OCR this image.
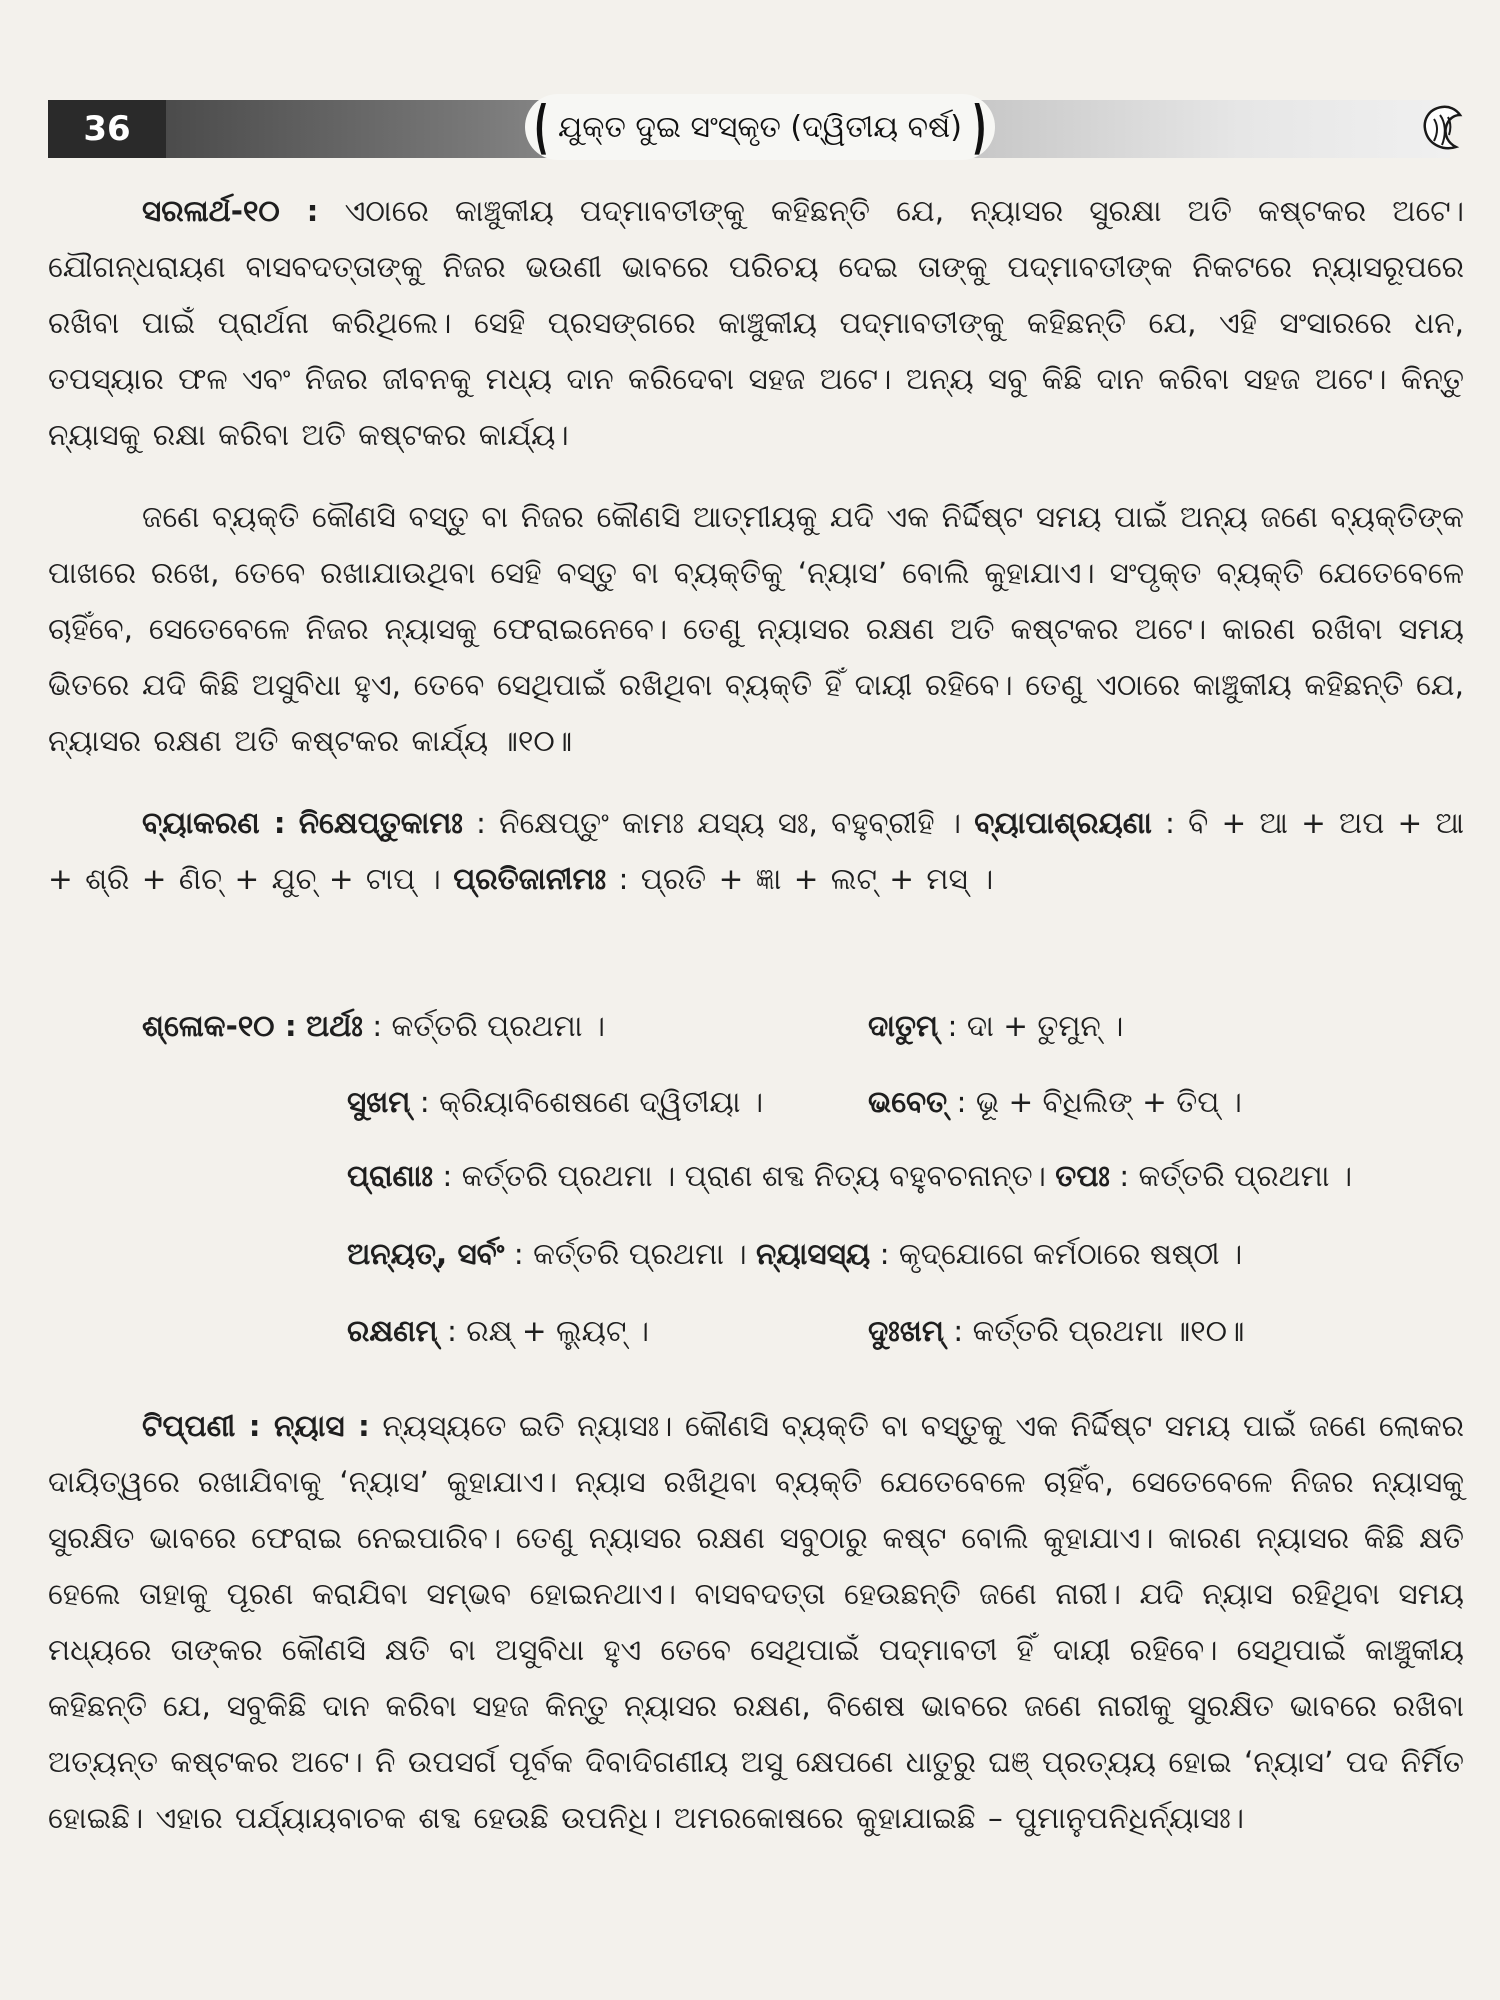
36	( ଯୁକ୍ତ ଦୁଇ ସଂସ୍କୃତ (ଦ୍ୱିତୀୟ ବର୍ଷ) )

ସରଳାର୍ଥ-୧୦ : ଏଠାରେ କାଞ୍ଚୁକୀୟ ପଦ୍ମାବତୀଙ୍କୁ କହିଛନ୍ତି ଯେ, ନ୍ୟାସର ସୁରକ୍ଷା ଅତି କଷ୍ଟକର ଅଟେ। ଯୌଗନ୍ଧରାୟଣ ବାସବଦତ୍ତାଙ୍କୁ ନିଜର ଭଉଣୀ ଭାବରେ ପରିଚୟ ଦେଇ ତାଙ୍କୁ ପଦ୍ମାବତୀଙ୍କ ନିକଟରେ ନ୍ୟାସରୂପରେ ରଖିବା ପାଇଁ ପ୍ରାର୍ଥନା କରିଥିଲେ। ସେହି ପ୍ରସଙ୍ଗରେ କାଞ୍ଚୁକୀୟ ପଦ୍ମାବତୀଙ୍କୁ କହିଛନ୍ତି ଯେ, ଏହି ସଂସାରରେ ଧନ, ତପସ୍ୟାର ଫଳ ଏବଂ ନିଜର ଜୀବନକୁ ମଧ୍ୟ ଦାନ କରିଦେବା ସହଜ ଅଟେ। ଅନ୍ୟ ସବୁ କିଛି ଦାନ କରିବା ସହଜ ଅଟେ। କିନ୍ତୁ ନ୍ୟାସକୁ ରକ୍ଷା କରିବା ଅତି କଷ୍ଟକର କାର୍ଯ୍ୟ।

ଜଣେ ବ୍ୟକ୍ତି କୌଣସି ବସ୍ତୁ ବା ନିଜର କୌଣସି ଆତ୍ମୀୟକୁ ଯଦି ଏକ ନିର୍ଦ୍ଦିଷ୍ଟ ସମୟ ପାଇଁ ଅନ୍ୟ ଜଣେ ବ୍ୟକ୍ତିଙ୍କ ପାଖରେ ରଖେ, ତେବେ ରଖାଯାଉଥିବା ସେହି ବସ୍ତୁ ବା ବ୍ୟକ୍ତିକୁ ‘ନ୍ୟାସ’ ବୋଲି କୁହାଯାଏ। ସଂପୃକ୍ତ ବ୍ୟକ୍ତି ଯେତେବେଳେ ଚାହିଁବେ, ସେତେବେଳେ ନିଜର ନ୍ୟାସକୁ ଫେରାଇନେବେ। ତେଣୁ ନ୍ୟାସର ରକ୍ଷଣ ଅତି କଷ୍ଟକର ଅଟେ। କାରଣ ରଖିବା ସମୟ ଭିତରେ ଯଦି କିଛି ଅସୁବିଧା ହୁଏ, ତେବେ ସେଥିପାଇଁ ରଖିଥିବା ବ୍ୟକ୍ତି ହିଁ ଦାୟୀ ରହିବେ। ତେଣୁ ଏଠାରେ କାଞ୍ଚୁକୀୟ କହିଛନ୍ତି ଯେ, ନ୍ୟାସର ରକ୍ଷଣ ଅତି କଷ୍ଟକର କାର୍ଯ୍ୟ ॥୧୦॥

ବ୍ୟାକରଣ : ନିକ୍ଷେପ୍ତୁକାମଃ : ନିକ୍ଷେପ୍ତୁଂ କାମଃ ଯସ୍ୟ ସଃ, ବହୁବ୍ରୀହି । ବ୍ୟାପାଶ୍ରୟଣା : ବି + ଆ + ଅପ + ଆ + ଶ୍ରି + ଣିଚ୍ + ଯୁଚ୍ + ଟାପ୍ । ପ୍ରତିଜାନୀମଃ : ପ୍ରତି + ଜ୍ଞା + ଲଟ୍ + ମସ୍ ।

ଶ୍ଳୋକ-୧୦ : ଅର୍ଥଃ : କର୍ତ୍ତରି ପ୍ରଥମା ।	ଦାତୁମ୍ : ଦା + ତୁମୁନ୍ ।
ସୁଖମ୍ : କ୍ରିୟାବିଶେଷଣେ ଦ୍ୱିତୀୟା ।	ଭବେତ୍ : ଭୂ + ବିଧିଲିଙ୍ + ତିପ୍ ।
ପ୍ରାଣାଃ : କର୍ତ୍ତରି ପ୍ରଥମା । ପ୍ରାଣ ଶବ୍ଦ ନିତ୍ୟ ବହୁବଚନାନ୍ତ। ତପଃ : କର୍ତ୍ତରି ପ୍ରଥମା ।
ଅନ୍ୟତ୍, ସର୍ବଂ : କର୍ତ୍ତରି ପ୍ରଥମା । ନ୍ୟାସସ୍ୟ : କୃଦ୍‌ଯୋଗେ କର୍ମଠାରେ ଷଷ୍ଠୀ ।
ରକ୍ଷଣମ୍ : ରକ୍ଷ୍ + ଲ୍ୟୁଟ୍ ।	ଦୁଃଖମ୍ : କର୍ତ୍ତରି ପ୍ରଥମା ॥୧୦॥

ଟିପ୍‌ପଣୀ : ନ୍ୟାସ : ନ୍ୟସ୍ୟତେ ଇତି ନ୍ୟାସଃ। କୌଣସି ବ୍ୟକ୍ତି ବା ବସ୍ତୁକୁ ଏକ ନିର୍ଦ୍ଦିଷ୍ଟ ସମୟ ପାଇଁ ଜଣେ ଲୋକର ଦାୟିତ୍ୱରେ ରଖାଯିବାକୁ ‘ନ୍ୟାସ’ କୁହାଯାଏ। ନ୍ୟାସ ରଖିଥିବା ବ୍ୟକ୍ତି ଯେତେବେଳେ ଚାହିଁବ, ସେତେବେଳେ ନିଜର ନ୍ୟାସକୁ ସୁରକ୍ଷିତ ଭାବରେ ଫେରାଇ ନେଇପାରିବ। ତେଣୁ ନ୍ୟାସର ରକ୍ଷଣ ସବୁଠାରୁ କଷ୍ଟ ବୋଲି କୁହାଯାଏ। କାରଣ ନ୍ୟାସର କିଛି କ୍ଷତି ହେଲେ ତାହାକୁ ପୂରଣ କରାଯିବା ସମ୍ଭବ ହୋଇନଥାଏ। ବାସବଦତ୍ତା ହେଉଛନ୍ତି ଜଣେ ନାରୀ। ଯଦି ନ୍ୟାସ ରହିଥିବା ସମୟ ମଧ୍ୟରେ ତାଙ୍କର କୌଣସି କ୍ଷତି ବା ଅସୁବିଧା ହୁଏ ତେବେ ସେଥିପାଇଁ ପଦ୍ମାବତୀ ହିଁ ଦାୟୀ ରହିବେ। ସେଥିପାଇଁ କାଞ୍ଚୁକୀୟ କହିଛନ୍ତି ଯେ, ସବୁକିଛି ଦାନ କରିବା ସହଜ କିନ୍ତୁ ନ୍ୟାସର ରକ୍ଷଣ, ବିଶେଷ ଭାବରେ ଜଣେ ନାରୀକୁ ସୁରକ୍ଷିତ ଭାବରେ ରଖିବା ଅତ୍ୟନ୍ତ କଷ୍ଟକର ଅଟେ। ନି ଉପସର୍ଗ ପୂର୍ବକ ଦିବାଦିଗଣୀୟ ଅସୁ କ୍ଷେପଣେ ଧାତୁରୁ ଘଞ୍ ପ୍ରତ୍ୟୟ ହୋଇ ‘ନ୍ୟାସ’ ପଦ ନିର୍ମିତ ହୋଇଛି। ଏହାର ପର୍ଯ୍ୟାୟବାଚକ ଶବ୍ଦ ହେଉଛି ଉପନିଧି। ଅମରକୋଷରେ କୁହାଯାଇଛି – ପୁମାନୁପନିଧିର୍ନ୍ୟାସଃ।
